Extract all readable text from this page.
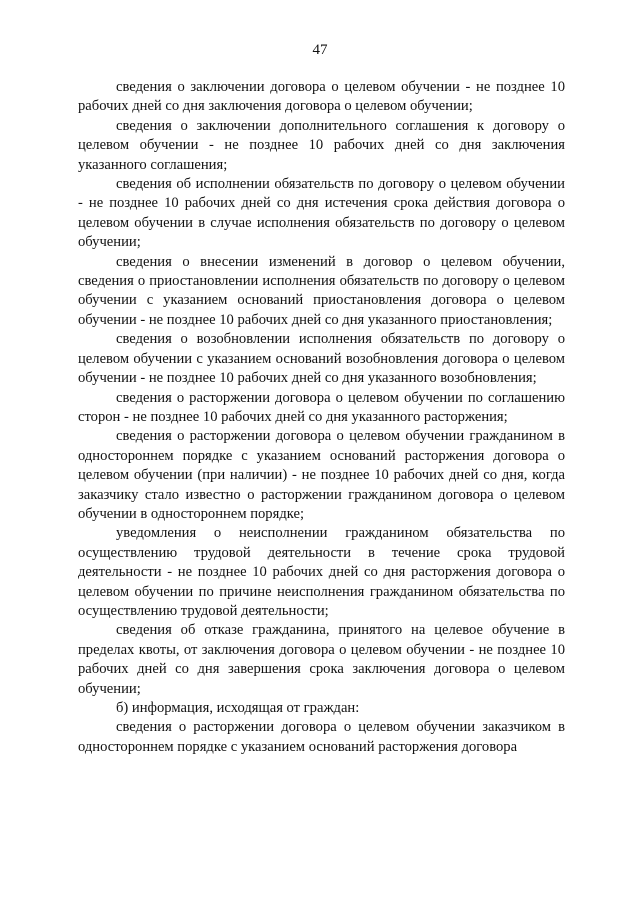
47

сведения о заключении договора о целевом обучении - не позднее 10 рабочих дней со дня заключения договора о целевом обучении;

сведения о заключении дополнительного соглашения к договору о целевом обучении - не позднее 10 рабочих дней со дня заключения указанного соглашения;

сведения об исполнении обязательств по договору о целевом обучении - не позднее 10 рабочих дней со дня истечения срока действия договора о целевом обучении в случае исполнения обязательств по договору о целевом обучении;

сведения о внесении изменений в договор о целевом обучении, сведения о приостановлении исполнения обязательств по договору о целевом обучении с указанием оснований приостановления договора о целевом обучении - не позднее 10 рабочих дней со дня указанного приостановления;

сведения о возобновлении исполнения обязательств по договору о целевом обучении с указанием оснований возобновления договора о целевом обучении - не позднее 10 рабочих дней со дня указанного возобновления;

сведения о расторжении договора о целевом обучении по соглашению сторон - не позднее 10 рабочих дней со дня указанного расторжения;

сведения о расторжении договора о целевом обучении гражданином в одностороннем порядке с указанием оснований расторжения договора о целевом обучении (при наличии) - не позднее 10 рабочих дней со дня, когда заказчику стало известно о расторжении гражданином договора о целевом обучении в одностороннем порядке;

уведомления о неисполнении гражданином обязательства по осуществлению трудовой деятельности в течение срока трудовой деятельности - не позднее 10 рабочих дней со дня расторжения договора о целевом обучении по причине неисполнения гражданином обязательства по осуществлению трудовой деятельности;

сведения об отказе гражданина, принятого на целевое обучение в пределах квоты, от заключения договора о целевом обучении - не позднее 10 рабочих дней со дня завершения срока заключения договора о целевом обучении;

б) информация, исходящая от граждан:

сведения о расторжении договора о целевом обучении заказчиком в одностороннем порядке с указанием оснований расторжения договора
